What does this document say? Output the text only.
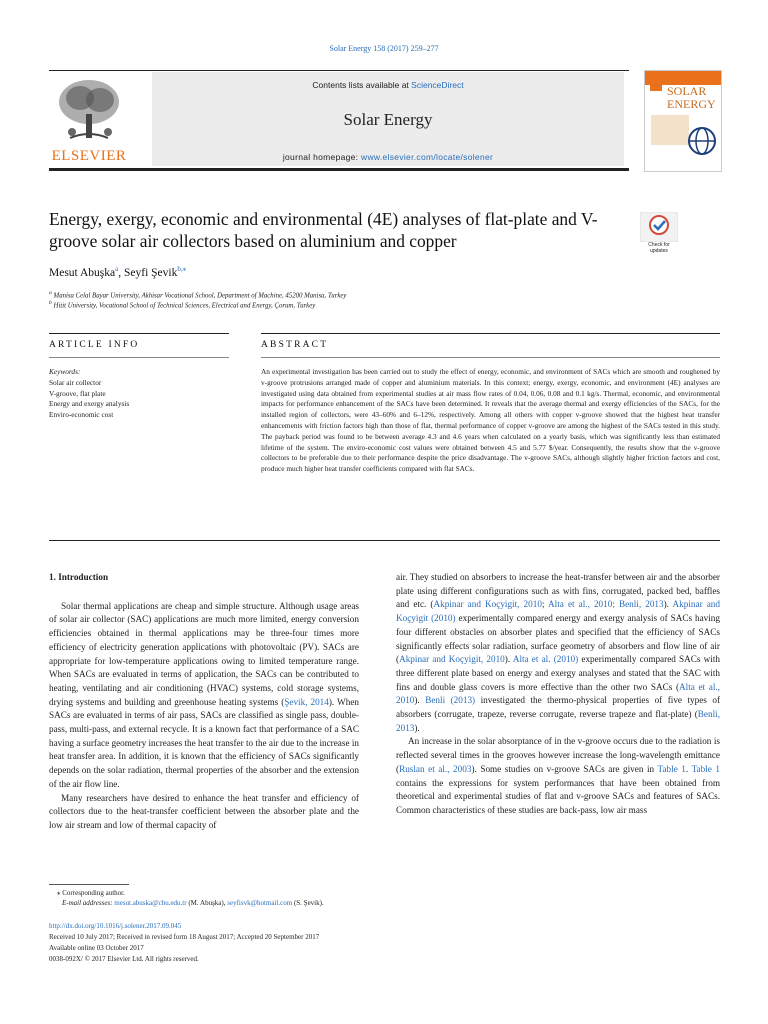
Solar Energy 158 (2017) 259–277
ELSEVIER
Contents lists available at ScienceDirect
Solar Energy
journal homepage: www.elsevier.com/locate/solener
SOLAR
ENERGY
Energy, exergy, economic and environmental (4E) analyses of flat-plate and V-groove solar air collectors based on aluminium and copper	Check for updates
Mesut Abuşka$^a$, Seyfi Şevik$^{b,⁎}$
$^a$ Manisa Celal Bayar University, Akhisar Vocational School, Department of Machine, 45200 Manisa, Turkey
$^b$ Hitit University, Vocational School of Technical Sciences, Electrical and Energy, Çorum, Turkey
ARTICLE INFO	ABSTRACT
Keywords:
Solar air collector
V-groove, flat plate
Energy and exergy analysis
Enviro-economic cost
An experimental investigation has been carried out to study the effect of energy, economic, and environment of SACs which are smooth and roughened by v-groove protrusions arranged made of copper and aluminium materials. In this context; energy, exergy, economic, and environment (4E) analyses are investigated using data obtained from experimental studies at air mass flow rates of 0.04, 0.06, 0.08 and 0.1 kg/s. Thermal, economic, and environmental impacts for performance enhancement of the SACs have been determined. It reveals that the average thermal and exergy efficiencies of the SACs, for the installed region of collectors, were 43–60% and 6–12%, respectively. Among all others with copper v-groove showed that the highest heat transfer enhancements with friction factors high than those of flat, thermal performance of copper v-groove are among the highest of the SACs tested in this study. The payback period was found to be between average 4.3 and 4.6 years when calculated on a yearly basis, which was significantly less than estimated lifetime of the system. The enviro-economic cost values were obtained between 4.5 and 5.77 $/year. Consequently, the results show that the v-groove collectors to be preferable due to their performance despite the price disadvantage. The v-groove SACs, although slightly higher friction factors and cost, produce much higher heat transfer coefficients compared with flat SACs.
1. Introduction

Solar thermal applications are cheap and simple structure. Although usage areas of solar air collector (SAC) applications are much more limited, energy conversion efficiencies obtained in thermal applications may be three-four times more efficiency of electricity generation applications with photovoltaic (PV). SACs are appropriate for low-temperature applications owing to limited temperature range. When SACs are evaluated in terms of application, the SACs can be contributed to heating, ventilating and air conditioning (HVAC) systems, cold storage systems, drying systems and building and greenhouse heating systems (Şevik, 2014). When SACs are evaluated in terms of air pass, SACs are classified as single pass, double-pass, multi-pass, and external recycle. It is a known fact that performance of a SAC having a surface geometry increases the heat transfer to the air due to the increase in heat transfer area. In addition, it is known that the efficiency of SACs significantly depends on the solar radiation, thermal properties of the absorber and the extension of the air flow line.

Many researchers have desired to enhance the heat transfer and efficiency of collectors due to the heat-transfer coefficient between the absorber plate and the low air stream and low of thermal capacity of

air. They studied on absorbers to increase the heat-transfer between air and the absorber plate using different configurations such as with fins, corrugated, packed bed, baffles and etc. (Akpinar and Koçyigit, 2010; Alta et al., 2010; Benli, 2013). Akpinar and Koçyigit (2010) experimentally compared energy and exergy analysis of SACs having four different obstacles on absorber plates and specified that the efficiency of SACs significantly effects solar radiation, surface geometry of absorbers and flow line of air (Akpinar and Koçyigit, 2010). Alta et al. (2010) experimentally compared SACs with three different plate based on energy and exergy analyses and stated that the SAC with fins and double glass covers is more effective than the other two SACs (Alta et al., 2010). Benli (2013) investigated the thermo-physical properties of five types of absorbers (corrugate, trapeze, reverse corrugate, reverse trapeze and flat-plate) (Benli, 2013).

An increase in the solar absorptance of in the v-groove occurs due to the radiation is reflected several times in the grooves however increase the long-wavelength emittance (Ruslan et al., 2003). Some studies on v-groove SACs are given in Table 1. Table 1 contains the expressions for system performances that have been obtained from theoretical and experimental studies of flat and v-groove SACs and features of SACs. Common characteristics of these studies are back-pass, low air mass

⁎ Corresponding author.
E-mail addresses: mesut.abuska@cbu.edu.tr (M. Abuşka), seyfisvk@hotmail.com (S. Şevik).
http://dx.doi.org/10.1016/j.solener.2017.09.045
Received 10 July 2017; Received in revised form 18 August 2017; Accepted 20 September 2017
Available online 03 October 2017
0038-092X/ © 2017 Elsevier Ltd. All rights reserved.
